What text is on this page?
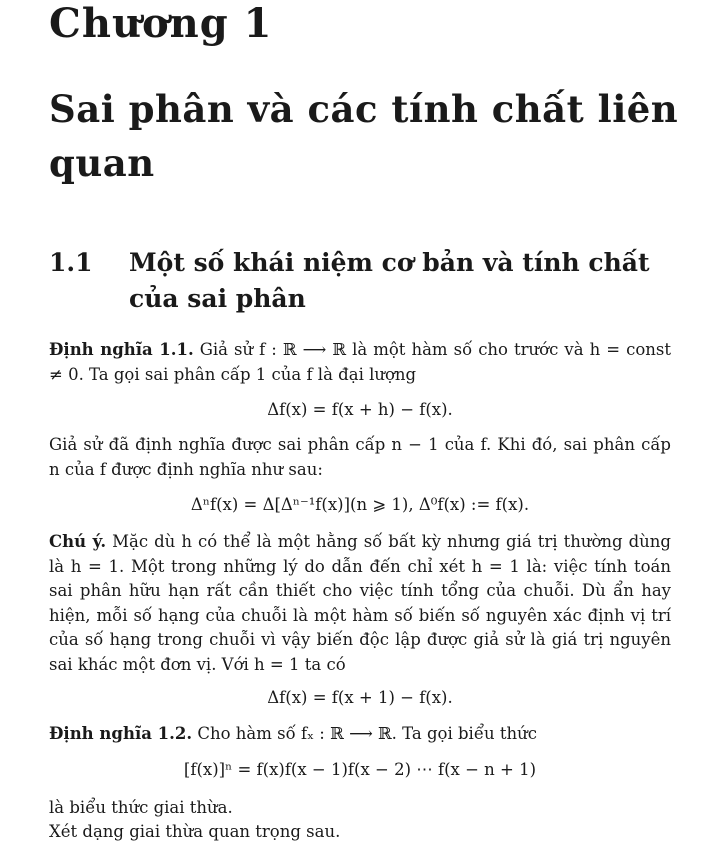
Chương 1
Sai phân và các tính chất liên quan
1.1 Một số khái niệm cơ bản và tính chất của sai phân
Định nghĩa 1.1. Giả sử f : ℝ ⟶ ℝ là một hàm số cho trước và h = const ≠ 0. Ta gọi sai phân cấp 1 của f là đại lượng
Δf(x) = f(x + h) − f(x).
Giả sử đã định nghĩa được sai phân cấp n − 1 của f. Khi đó, sai phân cấp n của f được định nghĩa như sau:
Δⁿf(x) = Δ[Δⁿ⁻¹f(x)](n ⩾ 1), Δ⁰f(x) := f(x).
Chú ý. Mặc dù h có thể là một hằng số bất kỳ nhưng giá trị thường dùng là h = 1. Một trong những lý do dẫn đến chỉ xét h = 1 là: việc tính toán sai phân hữu hạn rất cần thiết cho việc tính tổng của chuỗi. Dù ẩn hay hiện, mỗi số hạng của chuỗi là một hàm số biến số nguyên xác định vị trí của số hạng trong chuỗi vì vậy biến độc lập được giả sử là giá trị nguyên sai khác một đơn vị. Với h = 1 ta có
Δf(x) = f(x + 1) − f(x).
Định nghĩa 1.2. Cho hàm số fₓ : ℝ ⟶ ℝ. Ta gọi biểu thức
[f(x)]ⁿ = f(x)f(x − 1)f(x − 2) ⋯ f(x − n + 1)
là biểu thức giai thừa.
Xét dạng giai thừa quan trọng sau.
